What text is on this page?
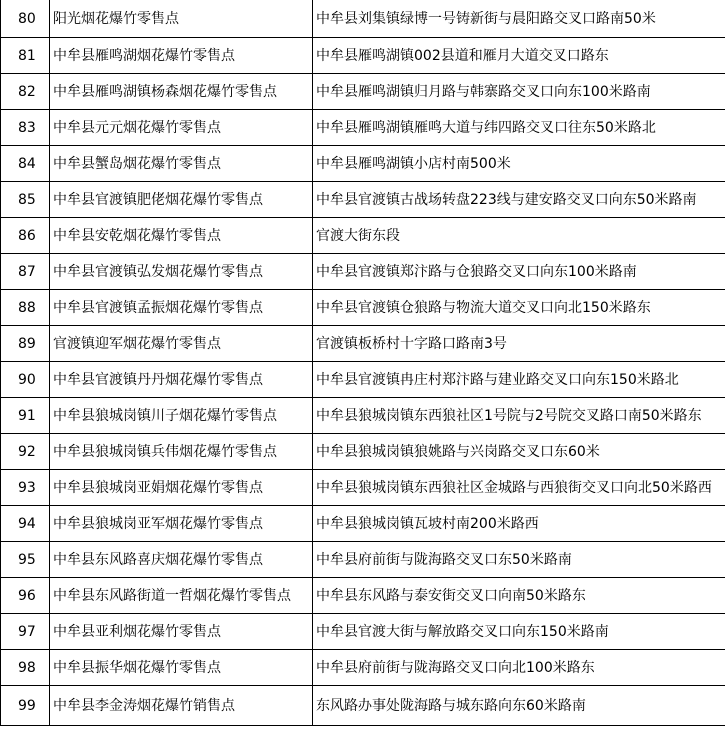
80	阳光烟花爆竹零售点	中牟县刘集镇绿博一号铸新街与晨阳路交叉口路南50米
81	中牟县雁鸣湖烟花爆竹零售点	中牟县雁鸣湖镇002县道和雁月大道交叉口路东
82	中牟县雁鸣湖镇杨森烟花爆竹零售点	中牟县雁鸣湖镇归月路与韩寨路交叉口向东100米路南
83	中牟县元元烟花爆竹零售点	中牟县雁鸣湖镇雁鸣大道与纬四路交叉口往东50米路北
84	中牟县蟹岛烟花爆竹零售点	中牟县雁鸣湖镇小店村南500米
85	中牟县官渡镇肥佬烟花爆竹零售点	中牟县官渡镇古战场转盘223线与建安路交叉口向东50米路南
86	中牟县安乾烟花爆竹零售点	官渡大街东段
87	中牟县官渡镇弘发烟花爆竹零售点	中牟县官渡镇郑汴路与仓狼路交叉口向东100米路南
88	中牟县官渡镇孟振烟花爆竹零售点	中牟县官渡镇仓狼路与物流大道交叉口向北150米路东
89	官渡镇迎军烟花爆竹零售点	官渡镇板桥村十字路口路南3号
90	中牟县官渡镇丹丹烟花爆竹零售点	中牟县官渡镇冉庄村郑汴路与建业路交叉口向东150米路北
91	中牟县狼城岗镇川子烟花爆竹零售点	中牟县狼城岗镇东西狼社区1号院与2号院交叉路口南50米路东
92	中牟县狼城岗镇兵伟烟花爆竹零售点	中牟县狼城岗镇狼姚路与兴岗路交叉口东60米
93	中牟县狼城岗亚娟烟花爆竹零售点	中牟县狼城岗镇东西狼社区金城路与西狼街交叉口向北50米路西
94	中牟县狼城岗亚军烟花爆竹零售点	中牟县狼城岗镇瓦坡村南200米路西
95	中牟县东风路喜庆烟花爆竹零售点	中牟县府前街与陇海路交叉口东50米路南
96	中牟县东风路街道一哲烟花爆竹零售点	中牟县东风路与泰安街交叉口向南50米路东
97	中牟县亚利烟花爆竹零售点	中牟县官渡大街与解放路交叉口向东150米路南
98	中牟县振华烟花爆竹零售点	中牟县府前街与陇海路交叉口向北100米路东
99	中牟县李金涛烟花爆竹销售点	东风路办事处陇海路与城东路向东60米路南
